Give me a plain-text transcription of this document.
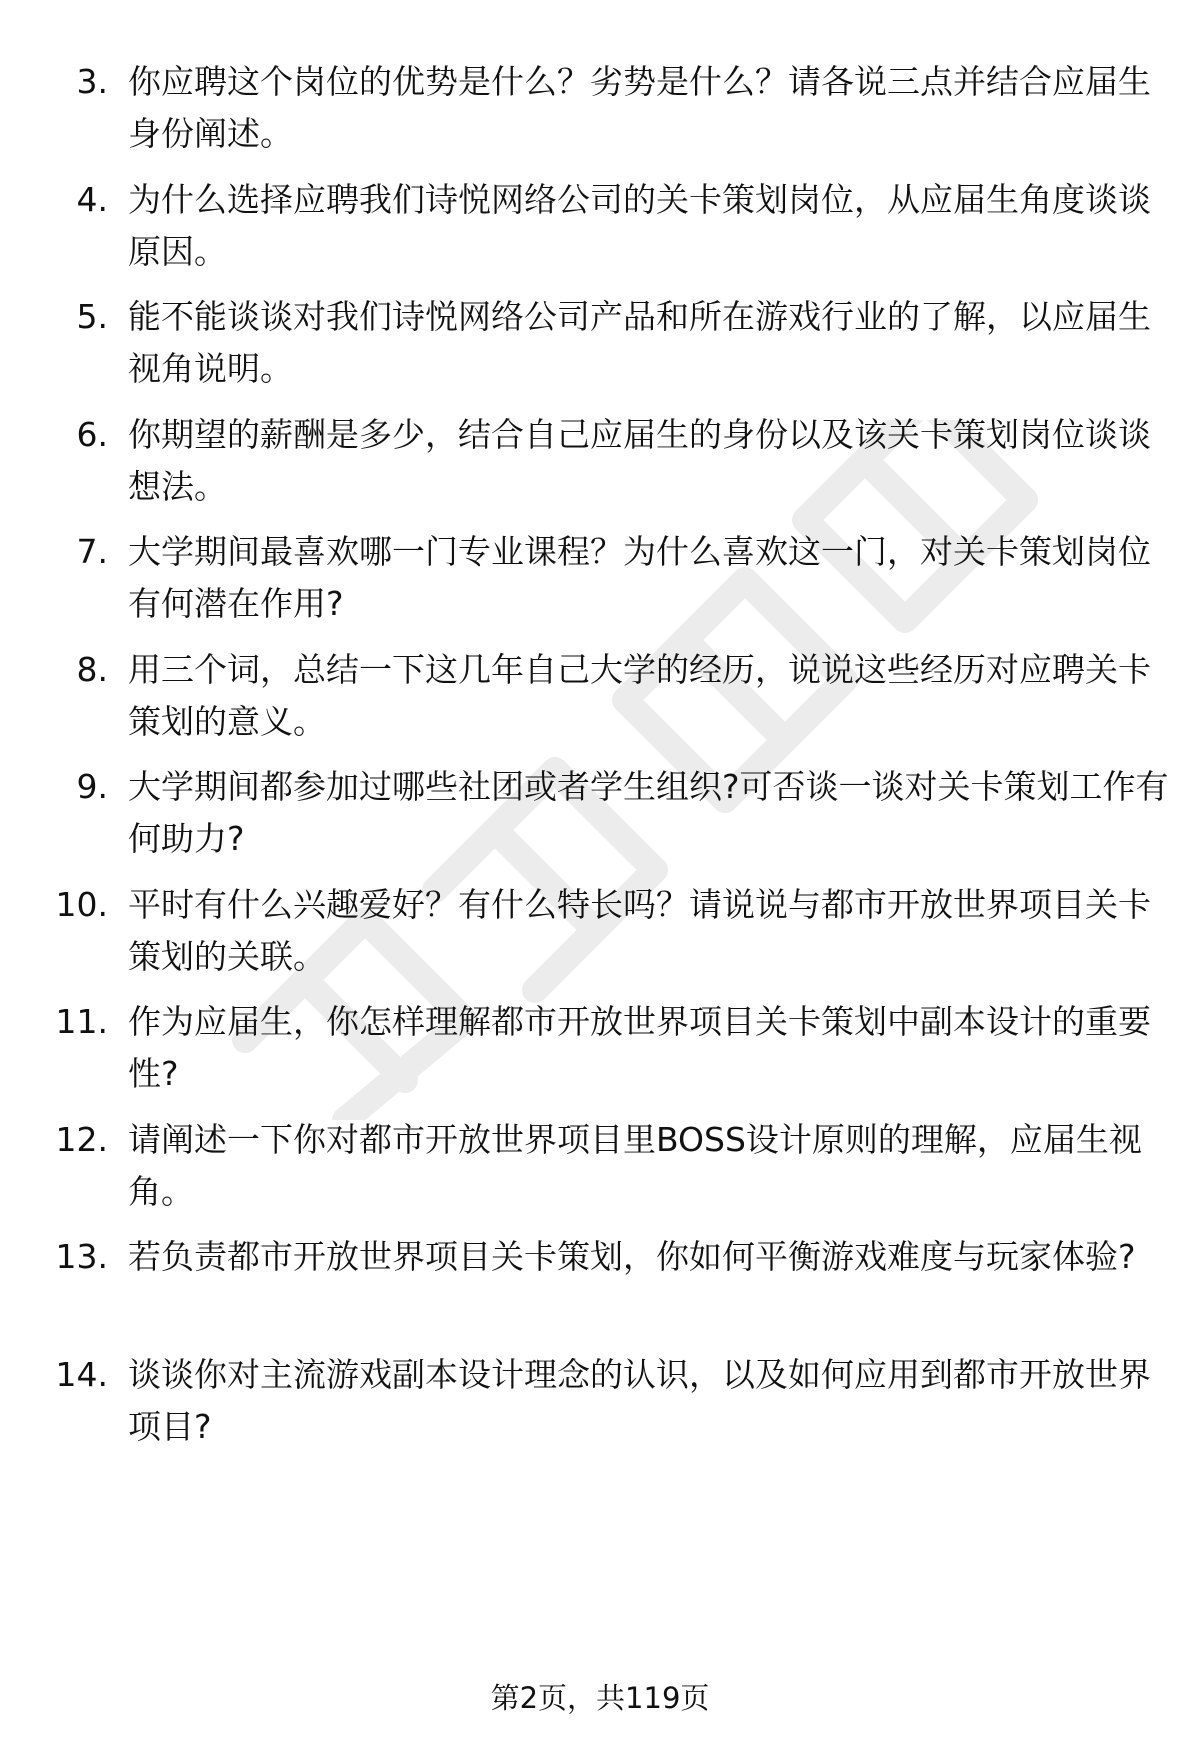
3. 你应聘这个岗位的优势是什么？劣势是什么？请各说三点并结合应届生身份阐述。
4. 为什么选择应聘我们诗悦网络公司的关卡策划岗位，从应届生角度谈谈原因。
5. 能不能谈谈对我们诗悦网络公司产品和所在游戏行业的了解，以应届生视角说明。
6. 你期望的薪酬是多少，结合自己应届生的身份以及该关卡策划岗位谈谈想法。
7. 大学期间最喜欢哪一门专业课程？为什么喜欢这一门，对关卡策划岗位有何潜在作用?
8. 用三个词，总结一下这几年自己大学的经历，说说这些经历对应聘关卡策划的意义。
9. 大学期间都参加过哪些社团或者学生组织?可否谈一谈对关卡策划工作有何助力?
10. 平时有什么兴趣爱好？有什么特长吗？请说说与都市开放世界项目关卡策划的关联。
11. 作为应届生，你怎样理解都市开放世界项目关卡策划中副本设计的重要性?
12. 请阐述一下你对都市开放世界项目里BOSS设计原则的理解，应届生视角。
13. 若负责都市开放世界项目关卡策划，你如何平衡游戏难度与玩家体验?
14. 谈谈你对主流游戏副本设计理念的认识，以及如何应用到都市开放世界项目?
第2页，共119页
